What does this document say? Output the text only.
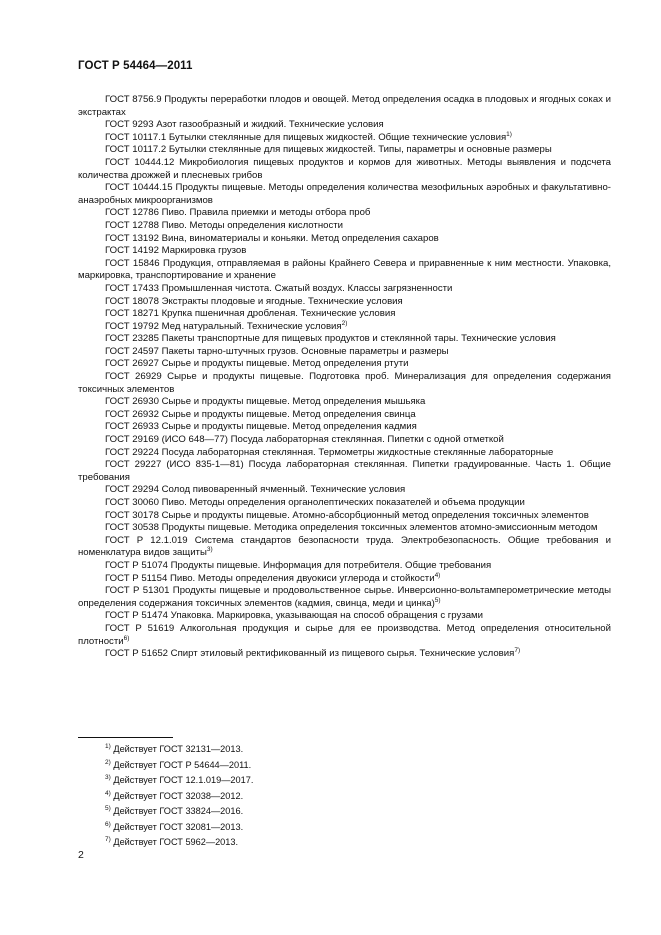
ГОСТ Р 54464—2011

ГОСТ 8756.9 Продукты переработки плодов и овощей. Метод определения осадка в плодовых и ягодных соках и экстрактах

ГОСТ 9293 Азот газообразный и жидкий. Технические условия

ГОСТ 10117.1 Бутылки стеклянные для пищевых жидкостей. Общие технические условия$^{1)}$

ГОСТ 10117.2 Бутылки стеклянные для пищевых жидкостей. Типы, параметры и основные размеры

ГОСТ 10444.12 Микробиология пищевых продуктов и кормов для животных. Методы выявления и подсчета количества дрожжей и плесневых грибов

ГОСТ 10444.15 Продукты пищевые. Методы определения количества мезофильных аэробных и факультативно-анаэробных микроорганизмов

ГОСТ 12786 Пиво. Правила приемки и методы отбора проб

ГОСТ 12788 Пиво. Методы определения кислотности

ГОСТ 13192 Вина, виноматериалы и коньяки. Метод определения сахаров

ГОСТ 14192 Маркировка грузов

ГОСТ 15846 Продукция, отправляемая в районы Крайнего Севера и приравненные к ним местности. Упаковка, маркировка, транспортирование и хранение

ГОСТ 17433 Промышленная чистота. Сжатый воздух. Классы загрязненности

ГОСТ 18078 Экстракты плодовые и ягодные. Технические условия

ГОСТ 18271 Крупка пшеничная дробленая. Технические условия

ГОСТ 19792 Мед натуральный. Технические условия$^{2)}$

ГОСТ 23285 Пакеты транспортные для пищевых продуктов и стеклянной тары. Технические условия

ГОСТ 24597 Пакеты тарно-штучных грузов. Основные параметры и размеры

ГОСТ 26927 Сырье и продукты пищевые. Метод определения ртути

ГОСТ 26929 Сырье и продукты пищевые. Подготовка проб. Минерализация для определения содержания токсичных элементов

ГОСТ 26930 Сырье и продукты пищевые. Метод определения мышьяка

ГОСТ 26932 Сырье и продукты пищевые. Метод определения свинца

ГОСТ 26933 Сырье и продукты пищевые. Метод определения кадмия

ГОСТ 29169 (ИСО 648—77) Посуда лабораторная стеклянная. Пипетки с одной отметкой

ГОСТ 29224 Посуда лабораторная стеклянная. Термометры жидкостные стеклянные лабораторные

ГОСТ 29227 (ИСО 835-1—81) Посуда лабораторная стеклянная. Пипетки градуированные. Часть 1. Общие требования

ГОСТ 29294 Солод пивоваренный ячменный. Технические условия

ГОСТ 30060 Пиво. Методы определения органолептических показателей и объема продукции

ГОСТ 30178 Сырье и продукты пищевые. Атомно-абсорбционный метод определения токсичных элементов

ГОСТ 30538 Продукты пищевые. Методика определения токсичных элементов атомно-эмиссионным методом

ГОСТ Р 12.1.019 Система стандартов безопасности труда. Электробезопасность. Общие требования и номенклатура видов защиты$^{3)}$

ГОСТ Р 51074 Продукты пищевые. Информация для потребителя. Общие требования

ГОСТ Р 51154 Пиво. Методы определения двуокиси углерода и стойкости$^{4)}$

ГОСТ Р 51301 Продукты пищевые и продовольственное сырье. Инверсионно-вольтамперометрические методы определения содержания токсичных элементов (кадмия, свинца, меди и цинка)$^{5)}$

ГОСТ Р 51474 Упаковка. Маркировка, указывающая на способ обращения с грузами

ГОСТ Р 51619 Алкогольная продукция и сырье для ее производства. Метод определения относительной плотности$^{6)}$

ГОСТ Р 51652 Спирт этиловый ректификованный из пищевого сырья. Технические условия$^{7)}$

$^{1)}$ Действует ГОСТ 32131—2013.
$^{2)}$ Действует ГОСТ Р 54644—2011.
$^{3)}$ Действует ГОСТ 12.1.019—2017.
$^{4)}$ Действует ГОСТ 32038—2012.
$^{5)}$ Действует ГОСТ 33824—2016.
$^{6)}$ Действует ГОСТ 32081—2013.
$^{7)}$ Действует ГОСТ 5962—2013.
2
